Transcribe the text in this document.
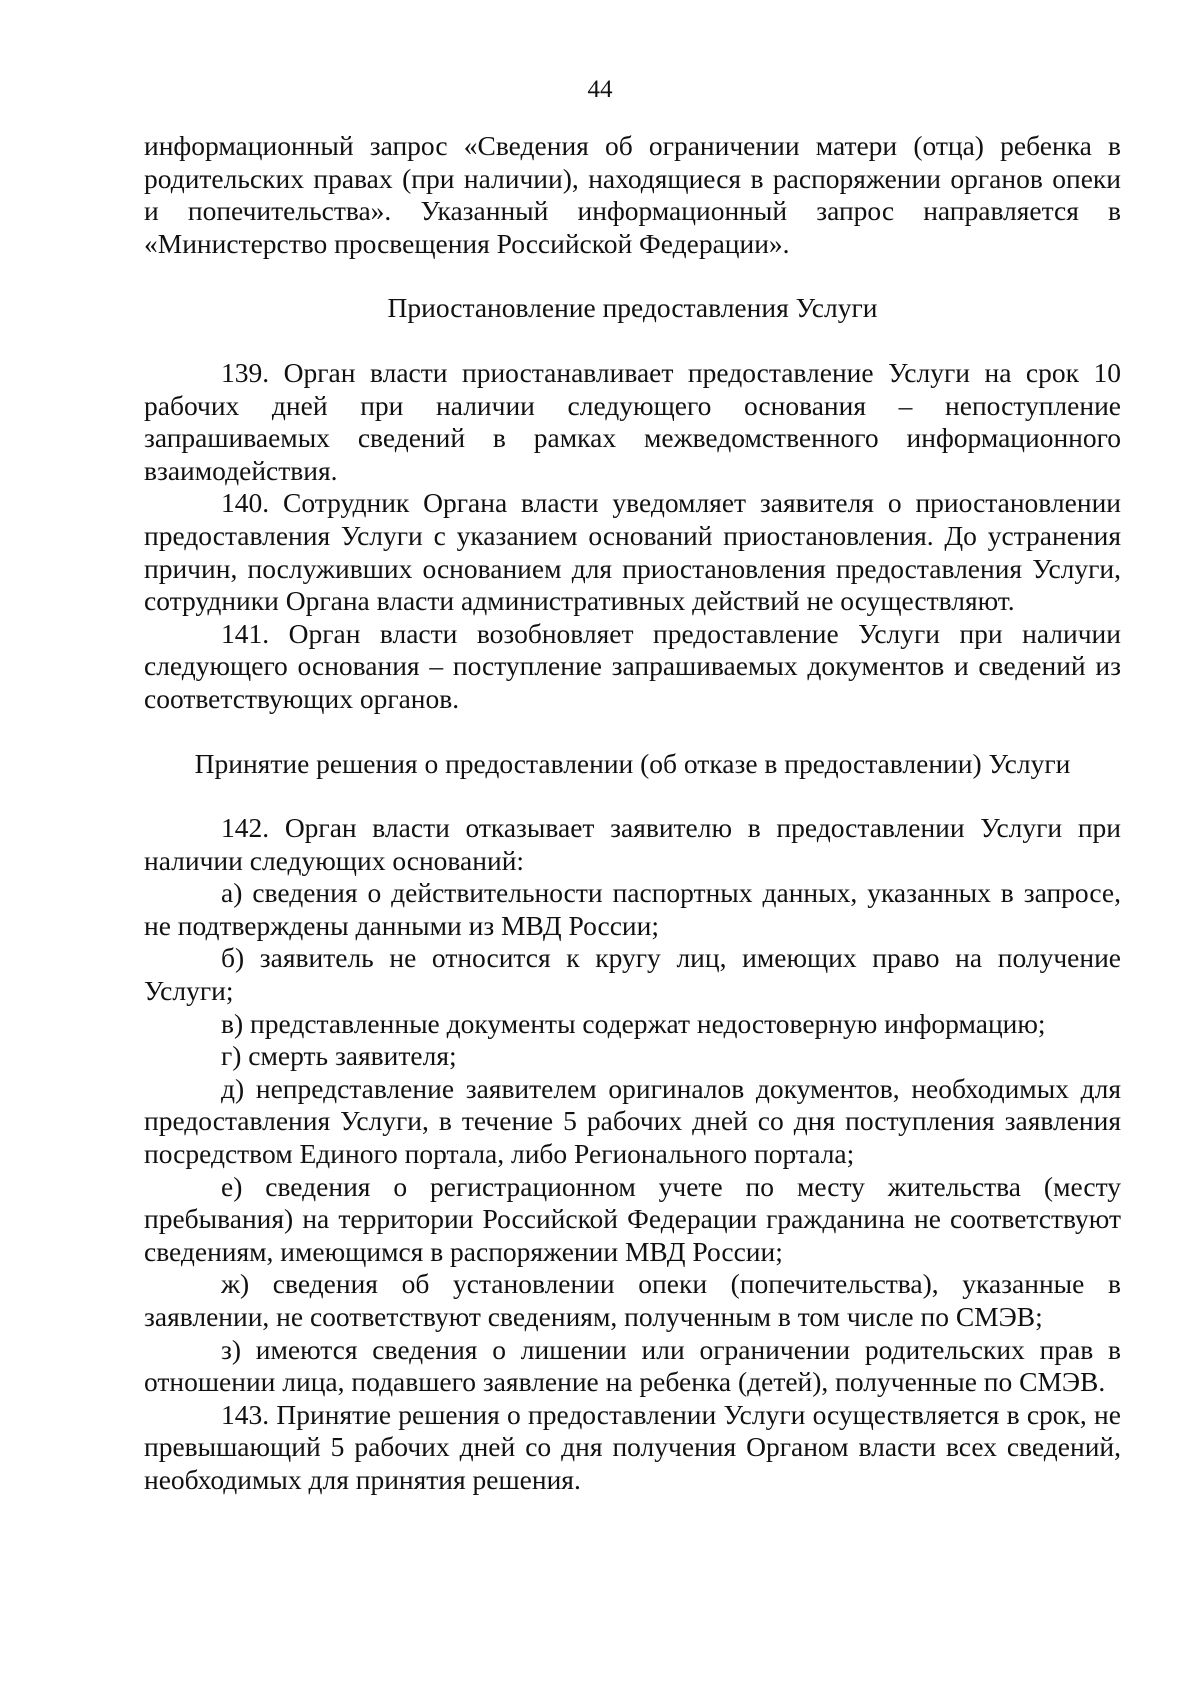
44

информационный запрос «Сведения об ограничении матери (отца) ребенка в родительских правах (при наличии), находящиеся в распоряжении органов опеки и попечительства». Указанный информационный запрос направляется в «Министерство просвещения Российской Федерации».

Приостановление предоставления Услуги

139. Орган власти приостанавливает предоставление Услуги на срок 10 рабочих дней при наличии следующего основания – непоступление запрашиваемых сведений в рамках межведомственного информационного взаимодействия.

140. Сотрудник Органа власти уведомляет заявителя о приостановлении предоставления Услуги с указанием оснований приостановления. До устранения причин, послуживших основанием для приостановления предоставления Услуги, сотрудники Органа власти административных действий не осуществляют.

141. Орган власти возобновляет предоставление Услуги при наличии следующего основания – поступление запрашиваемых документов и сведений из соответствующих органов.

Принятие решения о предоставлении (об отказе в предоставлении) Услуги

142. Орган власти отказывает заявителю в предоставлении Услуги при наличии следующих оснований:

а) сведения о действительности паспортных данных, указанных в запросе, не подтверждены данными из МВД России;

б) заявитель не относится к кругу лиц, имеющих право на получение Услуги;

в) представленные документы содержат недостоверную информацию;

г) смерть заявителя;

д) непредставление заявителем оригиналов документов, необходимых для предоставления Услуги, в течение 5 рабочих дней со дня поступления заявления посредством Единого портала, либо Регионального портала;

е) сведения о регистрационном учете по месту жительства (месту пребывания) на территории Российской Федерации гражданина не соответствуют сведениям, имеющимся в распоряжении МВД России;

ж) сведения об установлении опеки (попечительства), указанные в заявлении, не соответствуют сведениям, полученным в том числе по СМЭВ;

з) имеются сведения о лишении или ограничении родительских прав в отношении лица, подавшего заявление на ребенка (детей), полученные по СМЭВ.

143. Принятие решения о предоставлении Услуги осуществляется в срок, не превышающий 5 рабочих дней со дня получения Органом власти всех сведений, необходимых для принятия решения.
